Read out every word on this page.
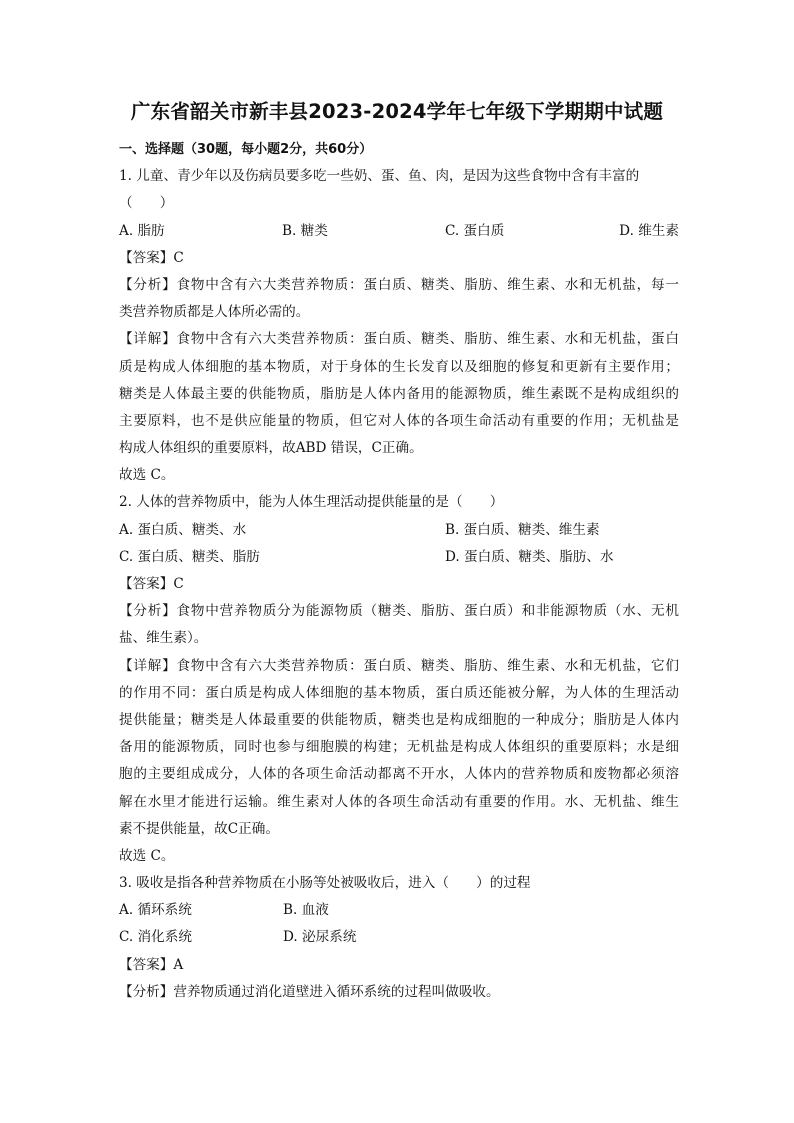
广东省韶关市新丰县2023-2024学年七年级下学期期中试题
一、选择题（30题，每小题2分，共60分）
1. 儿童、青少年以及伤病员要多吃一些奶、蛋、鱼、肉，是因为这些食物中含有丰富的
（　　）
A. 脂肪	B. 糖类	C. 蛋白质	D. 维生素
【答案】C
【分析】食物中含有六大类营养物质：蛋白质、糖类、脂肪、维生素、水和无机盐，每一
类营养物质都是人体所必需的。
【详解】食物中含有六大类营养物质：蛋白质、糖类、脂肪、维生素、水和无机盐，蛋白
质是构成人体细胞的基本物质，对于身体的生长发育以及细胞的修复和更新有主要作用；
糖类是人体最主要的供能物质，脂肪是人体内备用的能源物质，维生素既不是构成组织的
主要原料，也不是供应能量的物质，但它对人体的各项生命活动有重要的作用；无机盐是
构成人体组织的重要原料，故ABD 错误，C正确。
故选 C。
2. 人体的营养物质中，能为人体生理活动提供能量的是（　　）
A. 蛋白质、糖类、水	B. 蛋白质、糖类、维生素
C. 蛋白质、糖类、脂肪	D. 蛋白质、糖类、脂肪、水
【答案】C
【分析】食物中营养物质分为能源物质（糖类、脂肪、蛋白质）和非能源物质（水、无机
盐、维生素）。
【详解】食物中含有六大类营养物质：蛋白质、糖类、脂肪、维生素、水和无机盐，它们
的作用不同：蛋白质是构成人体细胞的基本物质，蛋白质还能被分解，为人体的生理活动
提供能量；糖类是人体最重要的供能物质，糖类也是构成细胞的一种成分；脂肪是人体内
备用的能源物质，同时也参与细胞膜的构建；无机盐是构成人体组织的重要原料；水是细
胞的主要组成成分，人体的各项生命活动都离不开水，人体内的营养物质和废物都必须溶
解在水里才能进行运输。维生素对人体的各项生命活动有重要的作用。水、无机盐、维生
素不提供能量，故C正确。
故选 C。
3. 吸收是指各种营养物质在小肠等处被吸收后，进入（　　）的过程
A. 循环系统	B. 血液
C. 消化系统	D. 泌尿系统
【答案】A
【分析】营养物质通过消化道壁进入循环系统的过程叫做吸收。
